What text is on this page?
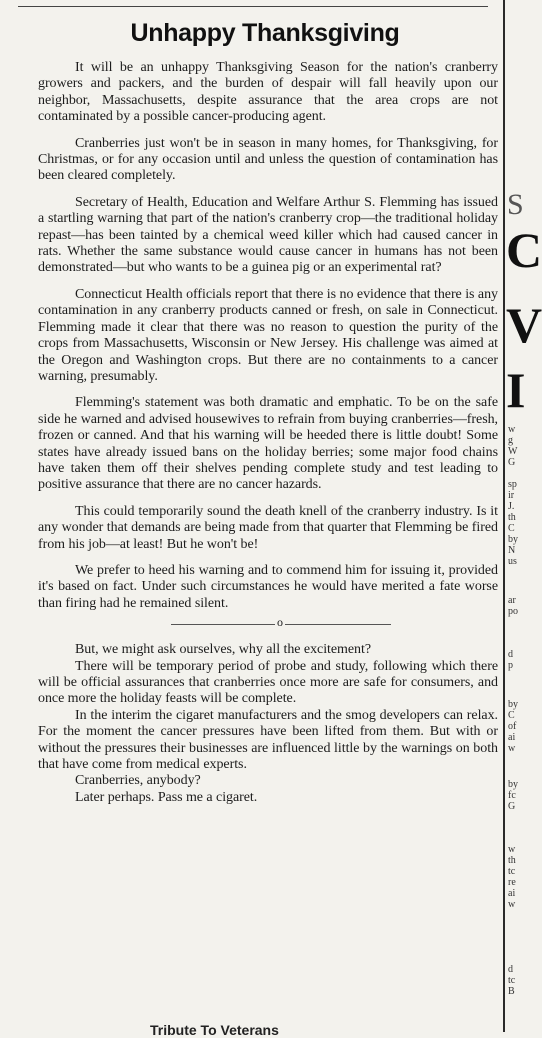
S
C
V
I
w
g
W
G
sp
ir
J.
th
C
by
N
us
ar
po
d
p
by
C
of
ai
w
by
fc
G
w
th
tc
re
ai
w
d
tc
B
Unhappy Thanksgiving

It will be an unhappy Thanksgiving Season for the nation's cranberry growers and packers, and the burden of despair will fall heavily upon our neighbor, Massachusetts, despite assurance that the area crops are not contaminated by a possible cancer-producing agent.

Cranberries just won't be in season in many homes, for Thanksgiving, for Christmas, or for any occasion until and unless the question of contamination has been cleared completely.

Secretary of Health, Education and Welfare Arthur S. Flemming has issued a startling warning that part of the nation's cranberry crop—the traditional holiday repast—has been tainted by a chemical weed killer which had caused cancer in rats. Whether the same substance would cause cancer in humans has not been demonstrated—but who wants to be a guinea pig or an experimental rat?

Connecticut Health officials report that there is no evidence that there is any contamination in any cranberry products canned or fresh, on sale in Connecticut. Flemming made it clear that there was no reason to question the purity of the crops from Massachusetts, Wisconsin or New Jersey. His challenge was aimed at the Oregon and Washington crops. But there are no containments to a cancer warning, presumably.

Flemming's statement was both dramatic and emphatic. To be on the safe side he warned and advised housewives to refrain from buying cranberries—fresh, frozen or canned. And that his warning will be heeded there is little doubt! Some states have already issued bans on the holiday berries; some major food chains have taken them off their shelves pending complete study and test leading to positive assurance that there are no cancer hazards.

This could temporarily sound the death knell of the cranberry industry. Is it any wonder that demands are being made from that quarter that Flemming be fired from his job—at least! But he won't be!

We prefer to heed his warning and to commend him for issuing it, provided it's based on fact. Under such circumstances he would have merited a fate worse than firing had he remained silent.

o

But, we might ask ourselves, why all the excitement?

There will be temporary period of probe and study, following which there will be official assurances that cranberries once more are safe for consumers, and once more the holiday feasts will be complete.

In the interim the cigaret manufacturers and the smog developers can relax. For the moment the cancer pressures have been lifted from them. But with or without the pressures their businesses are influenced little by the warnings on both that have come from medical experts.

Cranberries, anybody?

Later perhaps. Pass me a cigaret.

Tribute To Veterans
